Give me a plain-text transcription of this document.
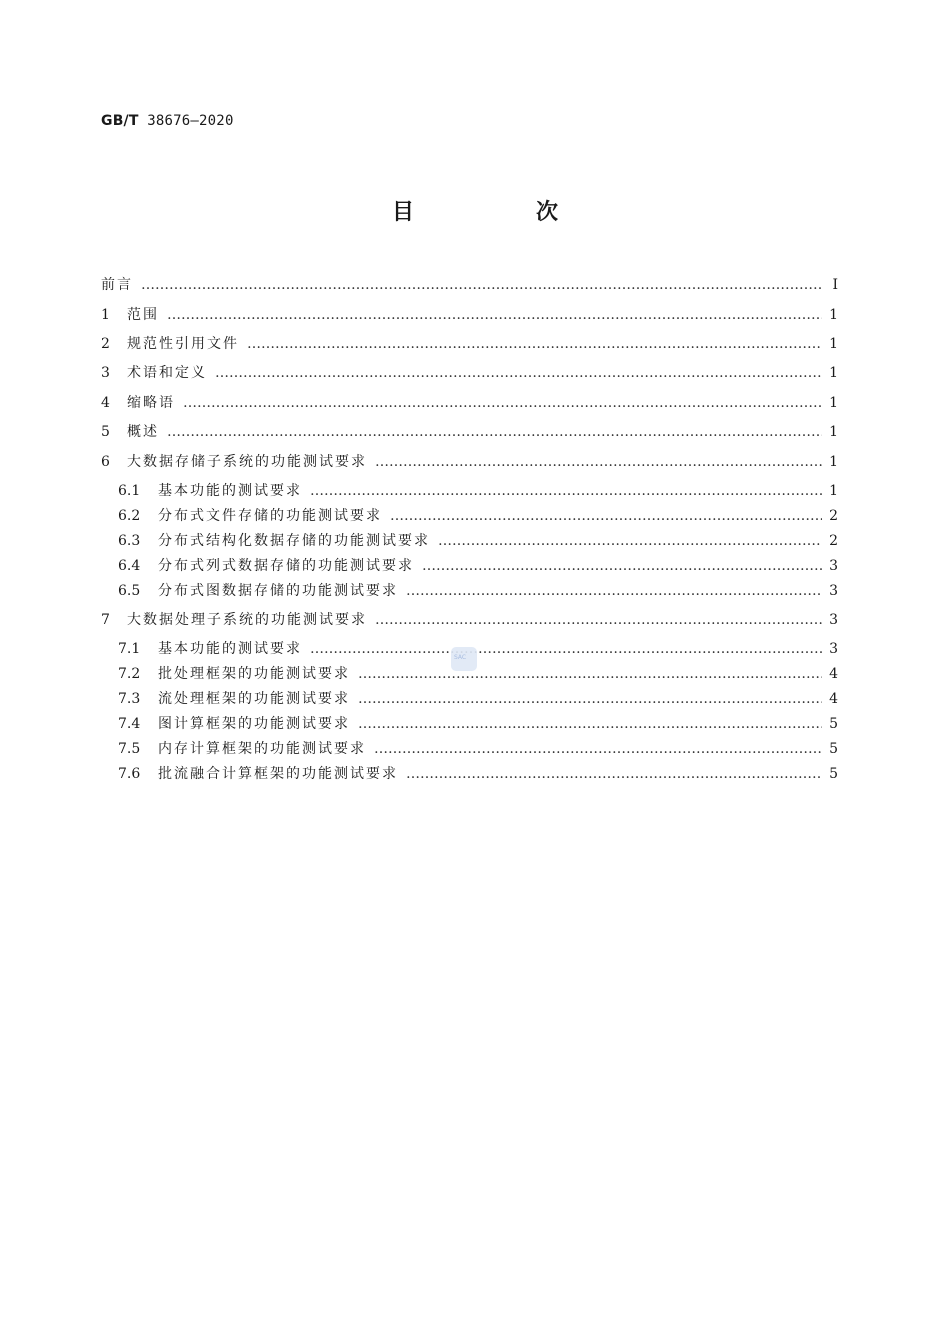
GB/T 38676—2020
目　次
前言 ……………………………………………………………………………………………………………………………………………………………………………………………………………………………………………………	I
1	范围 ……………………………………………………………………………………………………………………………………………………………………………………………………………………………………………………	1
2	规范性引用文件 ……………………………………………………………………………………………………………………………………………………………………………………………………………………………………………………	1
3	术语和定义 ……………………………………………………………………………………………………………………………………………………………………………………………………………………………………………………	1
4	缩略语 ……………………………………………………………………………………………………………………………………………………………………………………………………………………………………………………	1
5	概述 ……………………………………………………………………………………………………………………………………………………………………………………………………………………………………………………	1
6	大数据存储子系统的功能测试要求 ……………………………………………………………………………………………………………………………………………………………………………………………………………………………………………………	1
6.1	基本功能的测试要求 ……………………………………………………………………………………………………………………………………………………………………………………………………………………………………………………	1
6.2	分布式文件存储的功能测试要求 ……………………………………………………………………………………………………………………………………………………………………………………………………………………………………………………	2
6.3	分布式结构化数据存储的功能测试要求 ……………………………………………………………………………………………………………………………………………………………………………………………………………………………………………………	2
6.4	分布式列式数据存储的功能测试要求 ……………………………………………………………………………………………………………………………………………………………………………………………………………………………………………………	3
6.5	分布式图数据存储的功能测试要求 ……………………………………………………………………………………………………………………………………………………………………………………………………………………………………………………	3
7	大数据处理子系统的功能测试要求 ……………………………………………………………………………………………………………………………………………………………………………………………………………………………………………………	3
7.1	基本功能的测试要求 ……………………………………………………………………………………………………………………………………………………………………………………………………………………………………………………	3
7.2	批处理框架的功能测试要求 ……………………………………………………………………………………………………………………………………………………………………………………………………………………………………………………	4
7.3	流处理框架的功能测试要求 ……………………………………………………………………………………………………………………………………………………………………………………………………………………………………………………	4
7.4	图计算框架的功能测试要求 ……………………………………………………………………………………………………………………………………………………………………………………………………………………………………………………	5
7.5	内存计算框架的功能测试要求 ……………………………………………………………………………………………………………………………………………………………………………………………………………………………………………………	5
7.6	批流融合计算框架的功能测试要求 ……………………………………………………………………………………………………………………………………………………………………………………………………………………………………………………	5
SAC
